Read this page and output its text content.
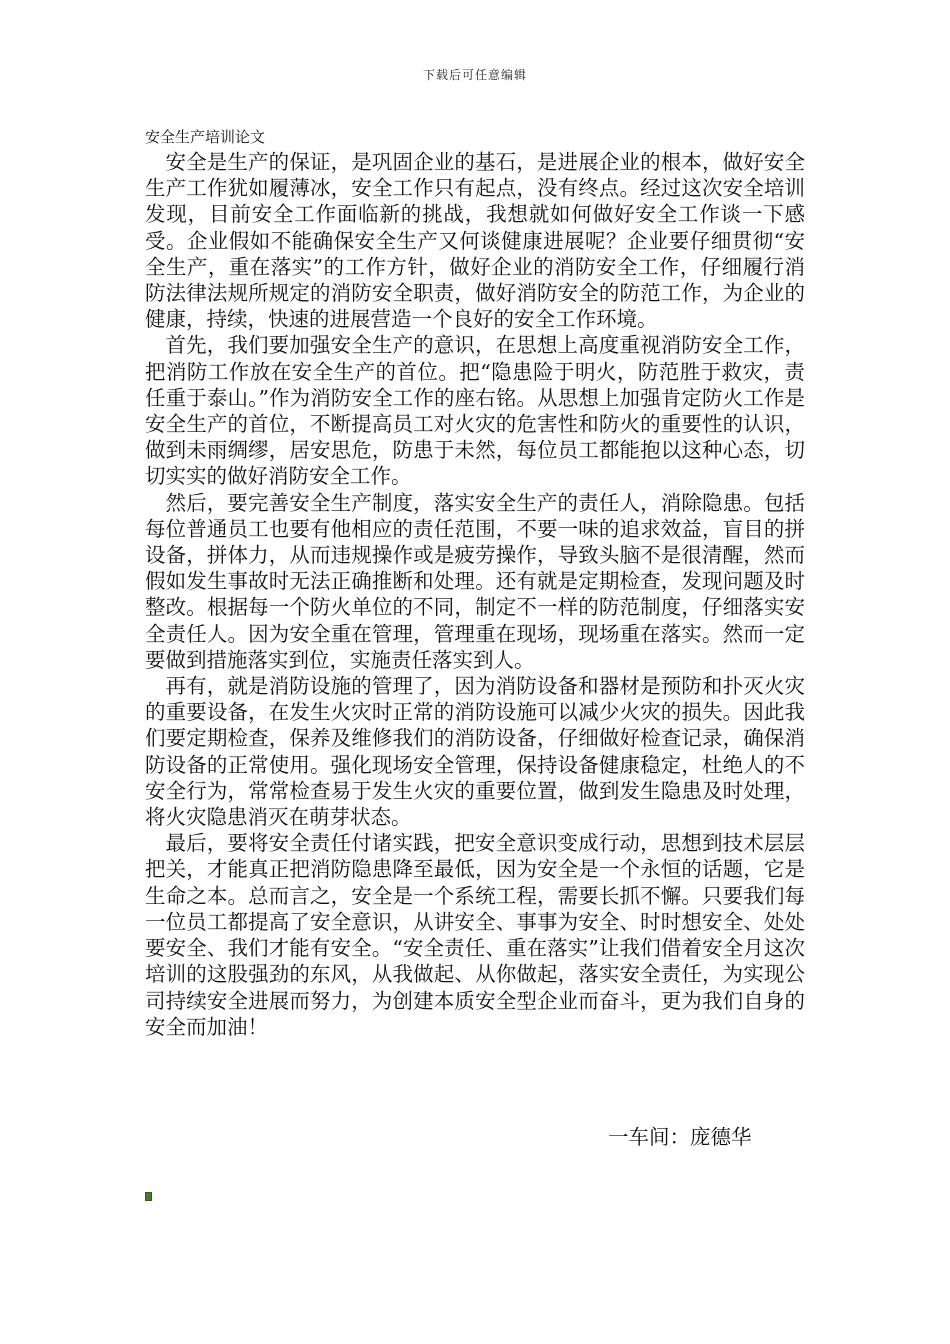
下载后可任意编辑
安全生产培训论文

安全是生产的保证，是巩固企业的基石，是进展企业的根本，做好安全生产工作犹如履薄冰，安全工作只有起点，没有终点。经过这次安全培训发现，目前安全工作面临新的挑战，我想就如何做好安全工作谈一下感受。企业假如不能确保安全生产又何谈健康进展呢？企业要仔细贯彻“安全生产，重在落实”的工作方针，做好企业的消防安全工作，仔细履行消防法律法规所规定的消防安全职责，做好消防安全的防范工作，为企业的健康，持续，快速的进展营造一个良好的安全工作环境。

首先，我们要加强安全生产的意识，在思想上高度重视消防安全工作，把消防工作放在安全生产的首位。把“隐患险于明火，防范胜于救灾，责任重于泰山。”作为消防安全工作的座右铭。从思想上加强肯定防火工作是安全生产的首位，不断提高员工对火灾的危害性和防火的重要性的认识，做到未雨绸缪，居安思危，防患于未然，每位员工都能抱以这种心态，切切实实的做好消防安全工作。

然后，要完善安全生产制度，落实安全生产的责任人，消除隐患。包括每位普通员工也要有他相应的责任范围，不要一味的追求效益，盲目的拼设备，拼体力，从而违规操作或是疲劳操作，导致头脑不是很清醒，然而假如发生事故时无法正确推断和处理。还有就是定期检查，发现问题及时整改。根据每一个防火单位的不同，制定不一样的防范制度，仔细落实安全责任人。因为安全重在管理，管理重在现场，现场重在落实。然而一定要做到措施落实到位，实施责任落实到人。

再有，就是消防设施的管理了，因为消防设备和器材是预防和扑灭火灾的重要设备，在发生火灾时正常的消防设施可以减少火灾的损失。因此我们要定期检查，保养及维修我们的消防设备，仔细做好检查记录，确保消防设备的正常使用。强化现场安全管理，保持设备健康稳定，杜绝人的不安全行为，常常检查易于发生火灾的重要位置，做到发生隐患及时处理，将火灾隐患消灭在萌芽状态。

最后，要将安全责任付诸实践，把安全意识变成行动，思想到技术层层把关，才能真正把消防隐患降至最低，因为安全是一个永恒的话题，它是生命之本。总而言之，安全是一个系统工程，需要长抓不懈。只要我们每一位员工都提高了安全意识，从讲安全、事事为安全、时时想安全、处处要安全、我们才能有安全。“安全责任、重在落实”让我们借着安全月这次培训的这股强劲的东风，从我做起、从你做起，落实安全责任，为实现公司持续安全进展而努力，为创建本质安全型企业而奋斗，更为我们自身的安全而加油！

一车间：庞德华
